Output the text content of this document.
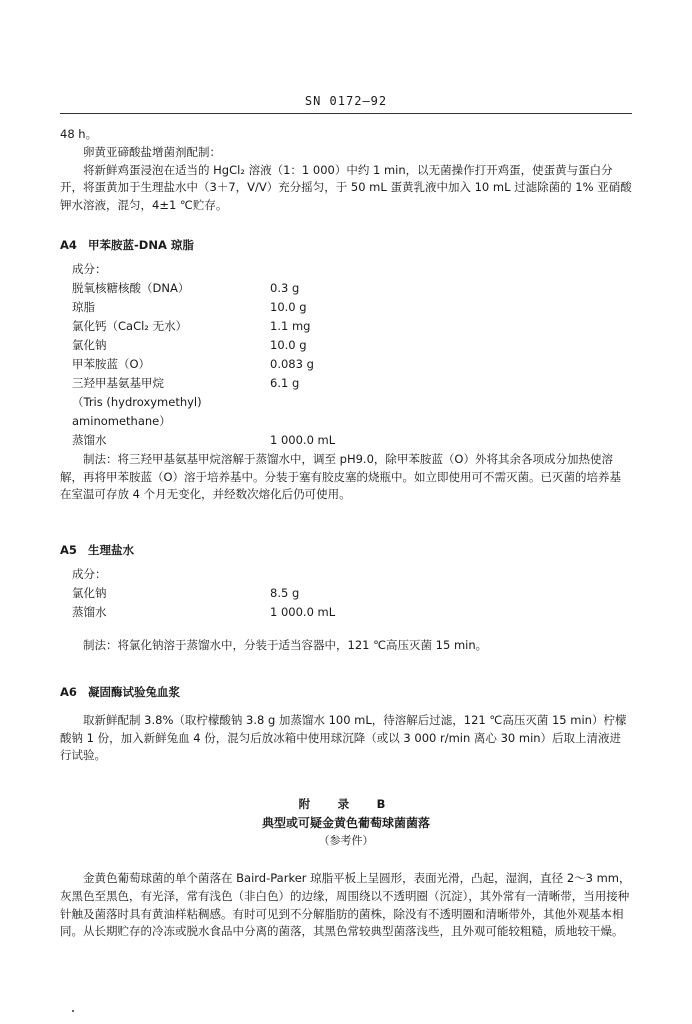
SN 0172—92

48 h。

卵黄亚碲酸盐增菌剂配制：

将新鲜鸡蛋浸泡在适当的 HgCl₂ 溶液（1：1 000）中约 1 min，以无菌操作打开鸡蛋，使蛋黄与蛋白分开，将蛋黄加于生理盐水中（3＋7，V/V）充分摇匀，于 50 mL 蛋黄乳液中加入 10 mL 过滤除菌的 1% 亚硝酸钾水溶液，混匀，4±1 ℃贮存。

A4 甲苯胺蓝-DNA 琼脂

成分：

脱氧核糖核酸（DNA）	0.3 g
琼脂	10.0 g
氯化钙（CaCl₂ 无水）	1.1 mg
氯化钠	10.0 g
甲苯胺蓝（O）	0.083 g
三羟甲基氨基甲烷	6.1 g
（Tris (hydroxymethyl)
aminomethane）
蒸馏水	1 000.0 mL

制法：将三羟甲基氨基甲烷溶解于蒸馏水中，调至 pH9.0，除甲苯胺蓝（O）外将其余各项成分加热使溶解，再将甲苯胺蓝（O）溶于培养基中。分装于塞有胶皮塞的烧瓶中。如立即使用可不需灭菌。已灭菌的培养基在室温可存放 4 个月无变化，并经数次熔化后仍可使用。

A5 生理盐水

成分：

氯化钠	8.5 g
蒸馏水	1 000.0 mL

制法：将氯化钠溶于蒸馏水中，分装于适当容器中，121 ℃高压灭菌 15 min。

A6 凝固酶试验兔血浆

取新鲜配制 3.8%（取柠檬酸钠 3.8 g 加蒸馏水 100 mL，待溶解后过滤，121 ℃高压灭菌 15 min）柠檬酸钠 1 份，加入新鲜兔血 4 份，混匀后放冰箱中使用球沉降（或以 3 000 r/min 离心 30 min）后取上清液进行试验。

附　录　B

典型或可疑金黄色葡萄球菌菌落

（参考件）

金黄色葡萄球菌的单个菌落在 Baird-Parker 琼脂平板上呈圆形，表面光滑，凸起，湿润，直径 2～3 mm，灰黑色至黑色，有光泽，常有浅色（非白色）的边缘，周围绕以不透明圈（沉淀），其外常有一清晰带，当用接种针触及菌落时具有黄油样粘稠感。有时可见到不分解脂肪的菌株，除没有不透明圈和清晰带外，其他外观基本相同。从长期贮存的冷冻或脱水食品中分离的菌落，其黑色常较典型菌落浅些，且外观可能较粗糙，质地较干燥。
